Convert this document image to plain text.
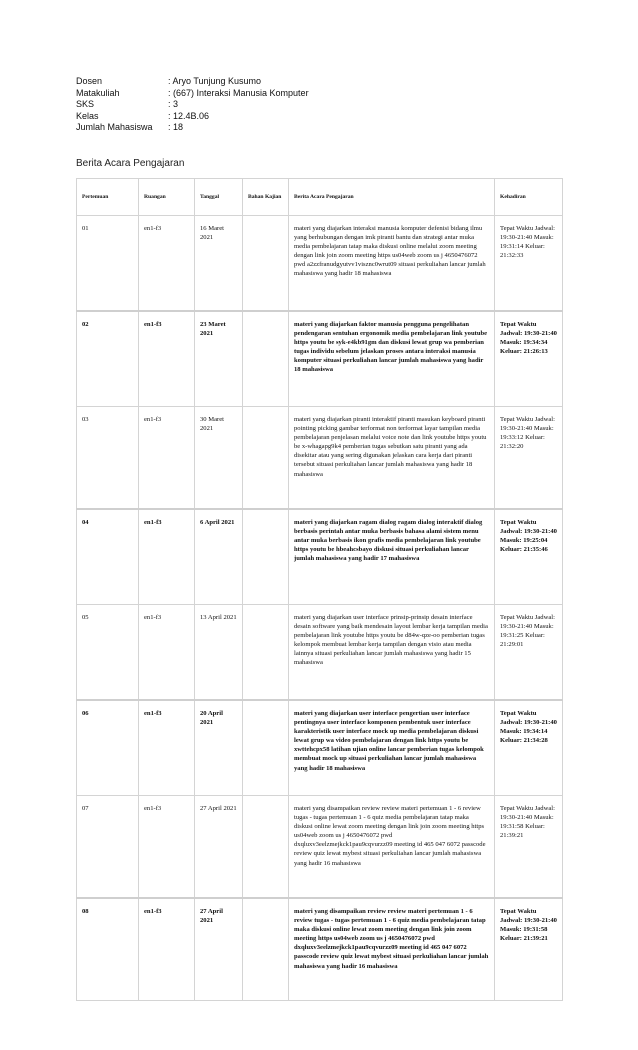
Dosen	: Aryo Tunjung Kusumo
Matakuliah	: (667) Interaksi Manusia Komputer
SKS	: 3
Kelas	: 12.4B.06
Jumlah Mahasiswa	: 18
Berita Acara Pengajaran
Pertemuan	Ruangan	Tanggal	Bahan Kajian	Berita Acara Pengajaran	Kehadiran
01	en1-f3	16 Maret 2021		materi yang diajarkan interaksi manusia komputer defenisi bidang ilmu yang berhubungan dengan imk piranti bantu dan strategi antar muka media pembelajaran tatap maka diskusi online melalui zoom meeting dengan link join zoom meeting https us04web zoom us j 4650476072 pwd a2zzfranudgyutvv1visznc0wrut09 situasi perkuliahan lancar jumlah mahasiswa yang hadir 18 mahasiswa	Tepat Waktu Jadwal: 19:30-21:40 Masuk: 19:31:14 Keluar: 21:32:33
02	en1-f3	23 Maret 2021		materi yang diajarkan faktor manusia pengguna pengelihatan pendengaran sentuhan ergonomik media pembelajaran link youtube https youtu be syk-e4kb91gm dan diskusi lewat grup wa pemberian tugas individu sebelum jelaskan proses antara interaksi manusia komputer situasi perkuliahan lancar jumlah mahasiswa yang hadir 18 mahasiswa	Tepat Waktu Jadwal: 19:30-21:40 Masuk: 19:34:34 Keluar: 21:26:13
03	en1-f3	30 Maret 2021		materi yang diajarkan piranti interaktif piranti masukan keyboard piranti pointing picking gambar terformat non terformat layar tampilan media pembelajaran penjelasan melalui voice note dan link youtube https youtu be x-whagapg9k4 pemberian tugas sebutkan satu piranti yang ada disekitar atau yang sering digunakan jelaskan cara kerja dari piranti tersebut situasi perkuliahan lancar jumlah mahasiswa yang hadir 18 mahasiswa	Tepat Waktu Jadwal: 19:30-21:40 Masuk: 19:33:12 Keluar: 21:32:20
04	en1-f3	6 April 2021		materi yang diajarkan ragam dialog ragam dialog interaktif dialog berbasis perintah antar muka berbasis bahasa alami sistem menu antar muka berbasis ikon grafis media pembelajaran link youtube https youtu be hbeahcsbayo diskusi situasi perkuliahan lancar jumlah mahasiswa yang hadir 17 mahasiswa	Tepat Waktu Jadwal: 19:30-21:40 Masuk: 19:25:04 Keluar: 21:35:46
05	en1-f3	13 April 2021		materi yang diajarkan user interface prinsip-prinsip desain interface desain software yang baik mendesain layout lembar kerja tampilan media pembelajaran link youtube https youtu be d84w-qze-oo pemberian tugas kelompok membuat lembar kerja tampilan dengan visio atau media lainnya situasi perkuliahan lancar jumlah mahasiswa yang hadir 15 mahasiswa	Tepat Waktu Jadwal: 19:30-21:40 Masuk: 19:31:25 Keluar: 21:29:01
06	en1-f3	20 April 2021		materi yang diajarkan user interface pengertian user interface pentingnya user interface komponen pembentuk user interface karakteristik user interface mock up media pembelajaran diskusi lewat grup wa video pembelajaran dengan link https youtu be xwttehcpx58 latihan ujian online lancar pemberian tugas kelompok membuat mock up situasi perkuliahan lancar jumlah mahasiswa yang hadir 18 mahasiswa	Tepat Waktu Jadwal: 19:30-21:40 Masuk: 19:34:14 Keluar: 21:34:28
07	en1-f3	27 April 2021		materi yang disampaikan review review materi pertemuan 1 - 6 review tugas - tugas pertemuan 1 - 6 quiz media pembelajaran tatap maka diskusi online lewat zoom meeting dengan link join zoom meeting https us04web zoom us j 4650476072 pwd dxqluxv3eelzmejkck1pau9cqvurzz09 meeting id 465 047 6072 passcode review quiz lewat mybest situasi perkuliahan lancar jumlah mahasiswa yang hadir 16 mahasiswa	Tepat Waktu Jadwal: 19:30-21:40 Masuk: 19:31:58 Keluar: 21:39:21
08	en1-f3	27 April 2021		materi yang disampaikan review review materi pertemuan 1 - 6 review tugas - tugas pertemuan 1 - 6 quiz media pembelajaran tatap maka diskusi online lewat zoom meeting dengan link join zoom meeting https us04web zoom us j 4650476072 pwd dxqluxv3eelzmejkck1pau9cqvurzz09 meeting id 465 047 6072 passcode review quiz lewat mybest situasi perkuliahan lancar jumlah mahasiswa yang hadir 16 mahasiswa	Tepat Waktu Jadwal: 19:30-21:40 Masuk: 19:31:58 Keluar: 21:39:21
